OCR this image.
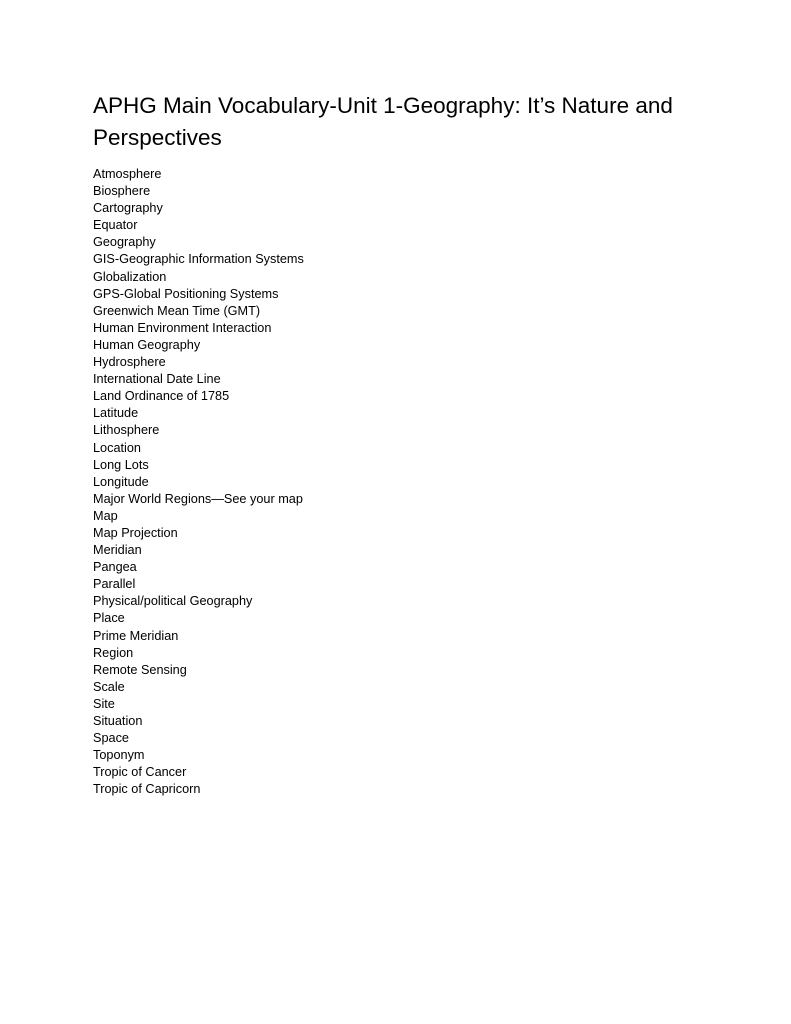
APHG Main Vocabulary-Unit 1-Geography: It’s Nature and Perspectives
Atmosphere
Biosphere
Cartography
Equator
Geography
GIS-Geographic Information Systems
Globalization
GPS-Global Positioning Systems
Greenwich Mean Time (GMT)
Human Environment Interaction
Human Geography
Hydrosphere
International Date Line
Land Ordinance of 1785
Latitude
Lithosphere
Location
Long Lots
Longitude
Major World Regions—See your map
Map
Map Projection
Meridian
Pangea
Parallel
Physical/political Geography
Place
Prime Meridian
Region
Remote Sensing
Scale
Site
Situation
Space
Toponym
Tropic of Cancer
Tropic of Capricorn
